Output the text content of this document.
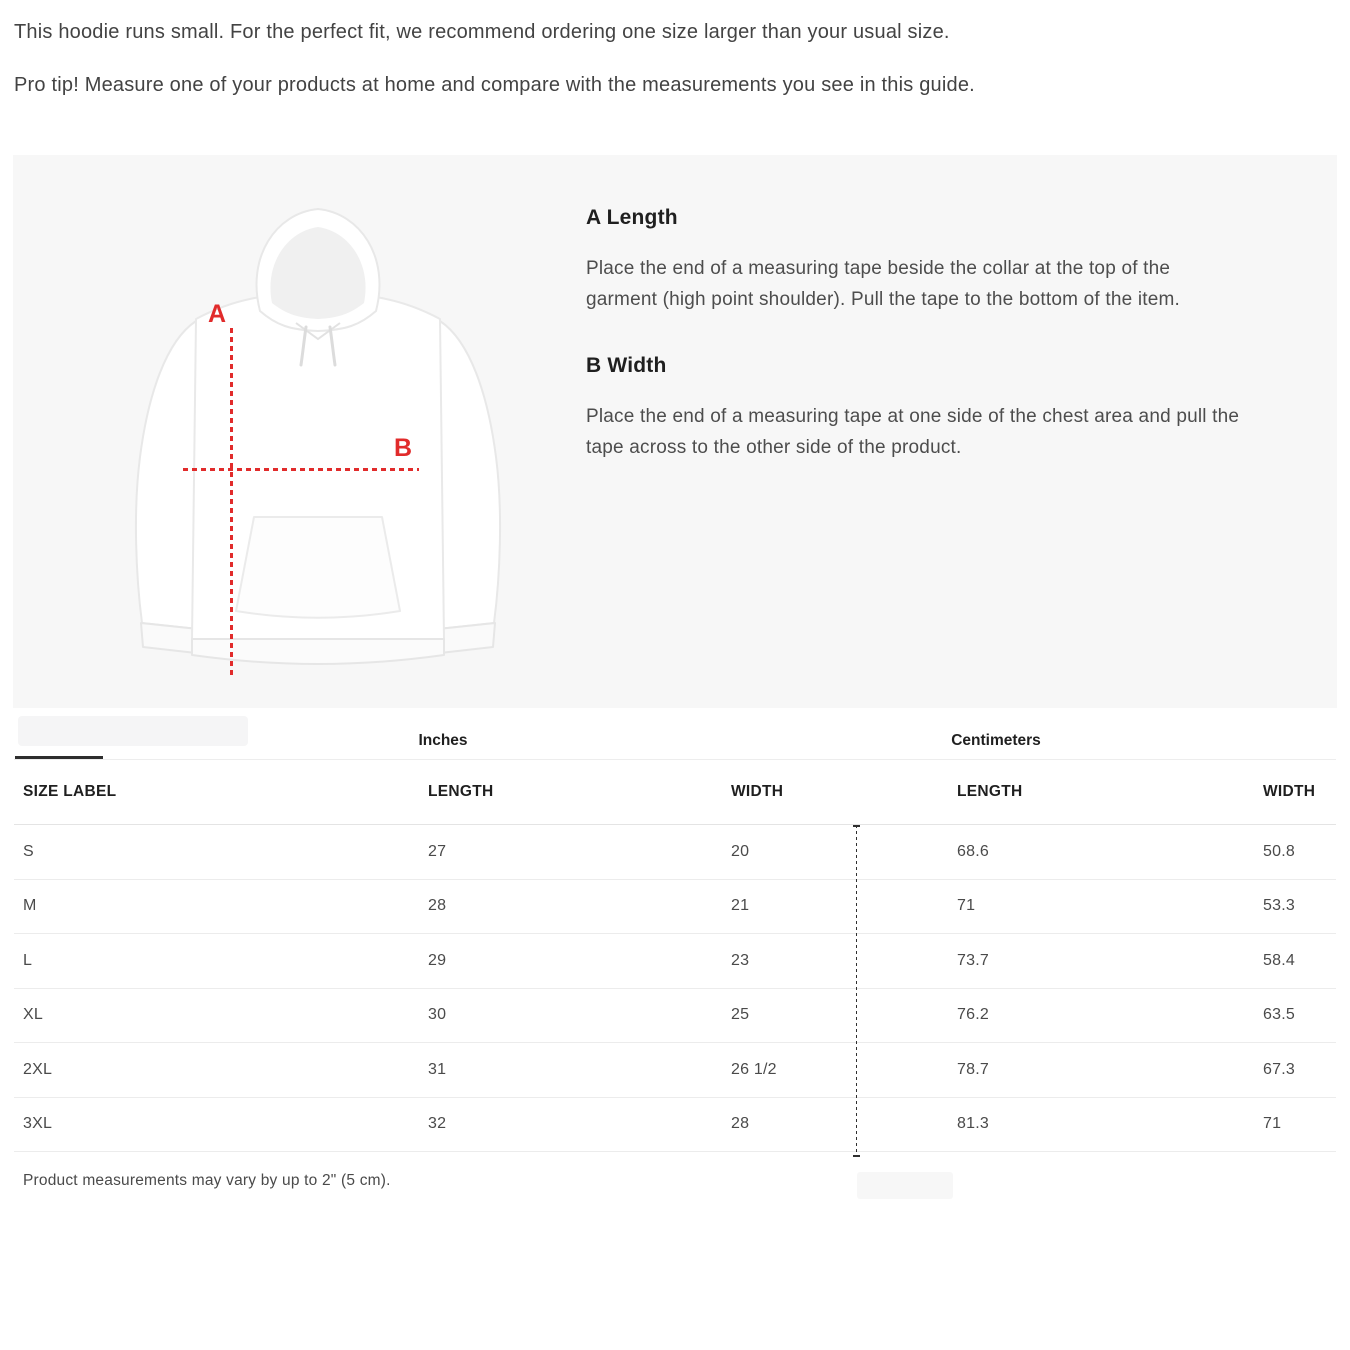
This hoodie runs small. For the perfect fit, we recommend ordering one size larger than your usual size.

Pro tip! Measure one of your products at home and compare with the measurements you see in this guide.

A
B
A Length

Place the end of a measuring tape beside the collar at the top of the
garment (high point shoulder). Pull the tape to the bottom of the item.

B Width

Place the end of a measuring tape at one side of the chest area and pull the
tape across to the other side of the product.

Inches	Centimeters
SIZE LABEL	LENGTH	WIDTH	LENGTH	WIDTH
S	27	20	68.6	50.8
M	28	21	71	53.3
L	29	23	73.7	58.4
XL	30	25	76.2	63.5
2XL	31	26 1/2	78.7	67.3
3XL	32	28	81.3	71

Product measurements may vary by up to 2" (5 cm).
